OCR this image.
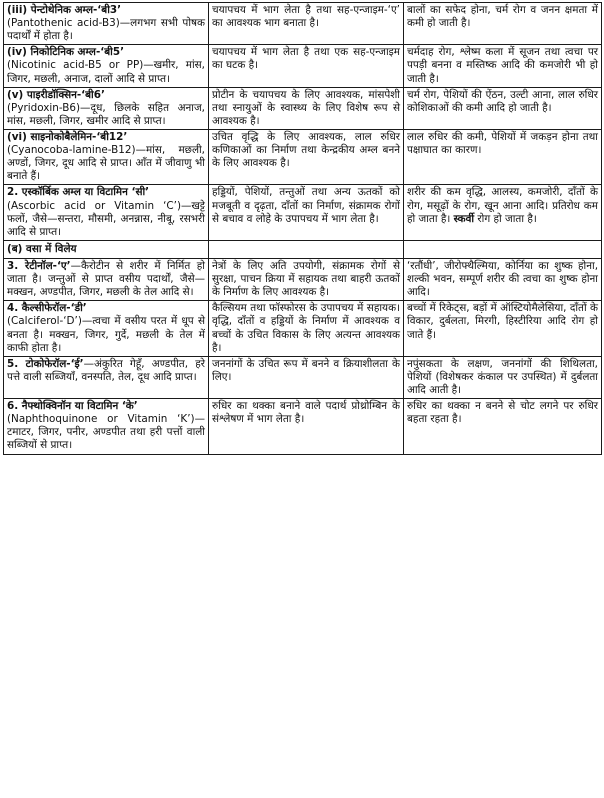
(iii) पेन्टोथेनिक अम्ल-‘बी3’
(Pantothenic acid-B3)—लगभग सभी पोषक पदार्थों में होता है।	चयापचय में भाग लेता है तथा सह-एन्जाइम-‘ए’ का आवश्यक भाग बनाता है।	बालों का सफेद होना, चर्म रोग व जनन क्षमता में कमी हो जाती है।
(iv) निकोटिनिक अम्ल-‘बी5’
(Nicotinic acid-B5 or PP)—खमीर, मांस, जिगर, मछली, अनाज, दालों आदि से प्राप्त।	चयापचय में भाग लेता है तथा एक सह-एन्जाइम का घटक है।	चर्मदाह रोग, श्लेष्म कला में सूजन तथा त्वचा पर पपड़ी बनना व मस्तिष्क आदि की कमजोरी भी हो जाती है।
(v) पाइरीडॉक्सिन-‘बी6’
(Pyridoxin-B6)—दूध, छिलके सहित अनाज, मांस, मछली, जिगर, खमीर आदि से प्राप्त।	प्रोटीन के चयापचय के लिए आवश्यक, मांसपेशी तथा स्नायुओं के स्वास्थ्य के लिए विशेष रूप से आवश्यक है।	चर्म रोग, पेशियों की ऐंठन, उल्टी आना, लाल रुधिर कोशिकाओं की कमी आदि हो जाती है।
(vi) साइनोकोबैलेमिन-‘बी12’
(Cyanocoba-lamine-B12)—मांस, मछली, अण्डों, जिगर, दूध आदि से प्राप्त। आँत में जीवाणु भी बनाते हैं।	उचित वृद्धि के लिए आवश्यक, लाल रुधिर कणिकाओं का निर्माण तथा केन्द्रकीय अम्ल बनने के लिए आवश्यक है।	लाल रुधिर की कमी, पेशियों में जकड़न होना तथा पक्षाघात का कारण।
2. एस्कॉर्बिक अम्ल या विटामिन ‘सी’
(Ascorbic acid or Vitamin ‘C’)—खट्टे फलों, जैसे—सन्तरा, मौसमी, अनन्नास, नीबू, रसभरी आदि से प्राप्त।	हड्डियों, पेशियों, तन्तुओं तथा अन्य ऊतकों को मजबूती व दृढ़ता, दाँतों का निर्माण, संक्रामक रोगों से बचाव व लोहे के उपापचय में भाग लेता है।	शरीर की कम वृद्धि, आलस्य, कमजोरी, दाँतों के रोग, मसूढ़ों के रोग, खून आना आदि। प्रतिरोध कम हो जाता है। स्कर्वी रोग हो जाता है।
(ब) वसा में विलेय		
3. रेटीनॉल-‘ए’—कैरोटीन से शरीर में निर्मित हो जाता है। जन्तुओं से प्राप्त वसीय पदार्थों, जैसे—मक्खन, अण्डपीत, जिगर, मछली के तेल आदि से।	नेत्रों के लिए अति उपयोगी, संक्रामक रोगों से सुरक्षा, पाचन क्रिया में सहायक तथा बाहरी ऊतकों के निर्माण के लिए आवश्यक है।	‘रतौंधी’, जीरोफ्थैल्मिया, कोर्निया का शुष्क होना, शल्की भवन, सम्पूर्ण शरीर की त्वचा का शुष्क होना आदि।
4. कैल्सीफेरॉल-‘डी’
(Calciferol-‘D’)—त्वचा में वसीय परत में धूप से बनता है। मक्खन, जिगर, गुर्दे, मछली के तेल में काफी होता है।	कैल्सियम तथा फॉस्फोरस के उपापचय में सहायक। वृद्धि, दाँतों व हड्डियों के निर्माण में आवश्यक व बच्चों के उचित विकास के लिए अत्यन्त आवश्यक है।	बच्चों में रिकेट्स, बड़ों में ऑस्टियोमैलेसिया, दाँतों के विकार, दुर्बलता, मिरगी, हिस्टीरिया आदि रोग हो जाते हैं।
5. टोकोफेरॉल-‘ई’—अंकुरित गेहूँ, अण्डपीत, हरे पत्ते वाली सब्जियाँ, वनस्पति, तेल, दूध आदि प्राप्त।	जननांगों के उचित रूप में बनने व क्रियाशीलता के लिए।	नपुंसकता के लक्षण, जननांगों की शिथिलता, पेशियों (विशेषकर कंकाल पर उपस्थित) में दुर्बलता आदि आती है।
6. नैफ्थोक्विनॉन या विटामिन ‘के’
(Naphthoquinone or Vitamin ‘K’)—टमाटर, जिगर, पनीर, अण्डपीत तथा हरी पत्तों वाली सब्जियों से प्राप्त।	रुधिर का थक्का बनाने वाले पदार्थ प्रोथ्रोम्बिन के संश्लेषण में भाग लेता है।	रुधिर का थक्का न बनने से चोट लगने पर रुधिर बहता रहता है।
